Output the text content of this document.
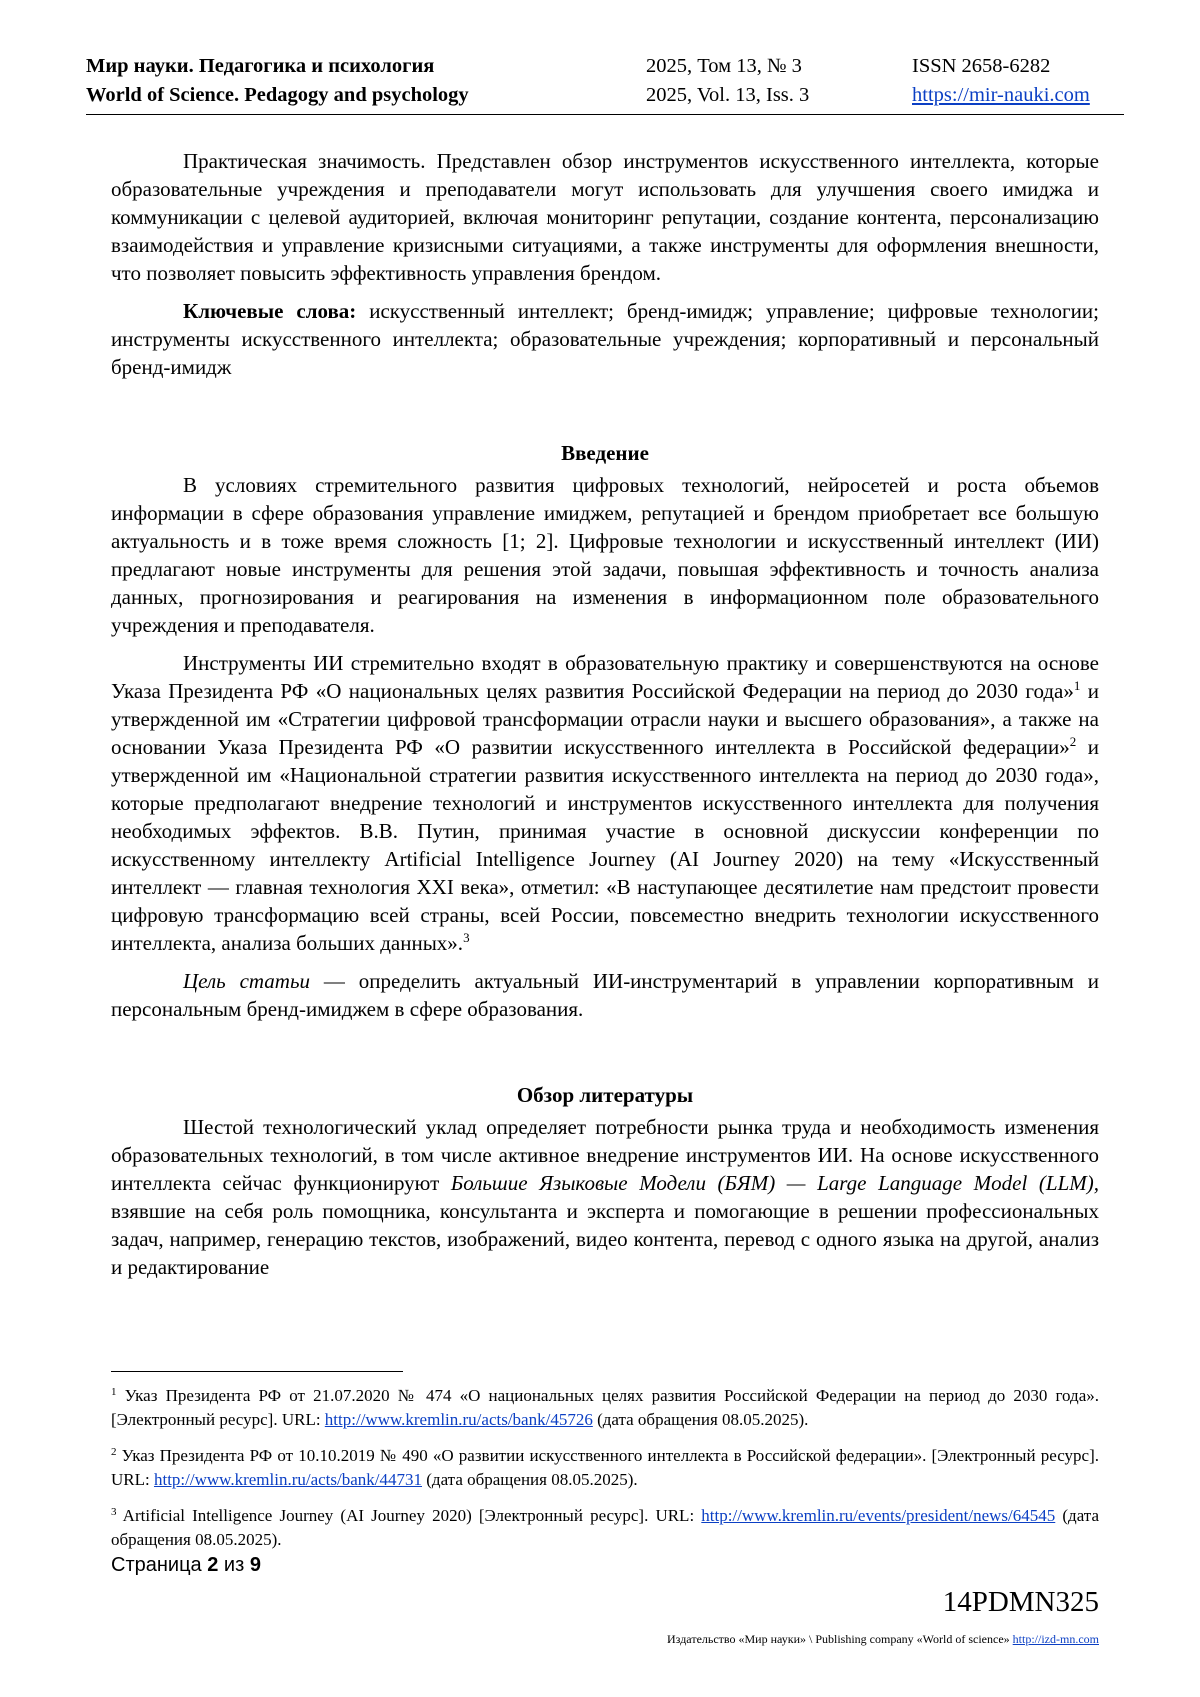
Мир науки. Педагогика и психология
World of Science. Pedagogy and psychology
2025, Том 13, № 3
2025, Vol. 13, Iss. 3
ISSN 2658-6282
https://mir-nauki.com

Практическая значимость. Представлен обзор инструментов искусственного интеллекта, которые образовательные учреждения и преподаватели могут использовать для улучшения своего имиджа и коммуникации с целевой аудиторией, включая мониторинг репутации, создание контента, персонализацию взаимодействия и управление кризисными ситуациями, а также инструменты для оформления внешности, что позволяет повысить эффективность управления брендом.

Ключевые слова: искусственный интеллект; бренд-имидж; управление; цифровые технологии; инструменты искусственного интеллекта; образовательные учреждения; корпоративный и персональный бренд-имидж

Введение

В условиях стремительного развития цифровых технологий, нейросетей и роста объемов информации в сфере образования управление имиджем, репутацией и брендом приобретает все большую актуальность и в тоже время сложность [1; 2]. Цифровые технологии и искусственный интеллект (ИИ) предлагают новые инструменты для решения этой задачи, повышая эффективность и точность анализа данных, прогнозирования и реагирования на изменения в информационном поле образовательного учреждения и преподавателя.

Инструменты ИИ стремительно входят в образовательную практику и совершенствуются на основе Указа Президента РФ «О национальных целях развития Российской Федерации на период до 2030 года»$^1$ и утвержденной им «Стратегии цифровой трансформации отрасли науки и высшего образования», а также на основании Указа Президента РФ «О развитии искусственного интеллекта в Российской федерации»$^2$ и утвержденной им «Национальной стратегии развития искусственного интеллекта на период до 2030 года», которые предполагают внедрение технологий и инструментов искусственного интеллекта для получения необходимых эффектов. В.В. Путин, принимая участие в основной дискуссии конференции по искусственному интеллекту Artificial Intelligence Journey (AI Journey 2020) на тему «Искусственный интеллект — главная технология XXI века», отметил: «В наступающее десятилетие нам предстоит провести цифровую трансформацию всей страны, всей России, повсеместно внедрить технологии искусственного интеллекта, анализа больших данных».$^3$

Цель статьи — определить актуальный ИИ-инструментарий в управлении корпоративным и персональным бренд-имиджем в сфере образования.

Обзор литературы

Шестой технологический уклад определяет потребности рынка труда и необходимость изменения образовательных технологий, в том числе активное внедрение инструментов ИИ. На основе искусственного интеллекта сейчас функционируют Большие Языковые Модели (БЯМ) — Large Language Model (LLM), взявшие на себя роль помощника, консультанта и эксперта и помогающие в решении профессиональных задач, например, генерацию текстов, изображений, видео контента, перевод с одного языка на другой, анализ и редактирование

$^1$ Указ Президента РФ от 21.07.2020 № 474 «О национальных целях развития Российской Федерации на период до 2030 года». [Электронный ресурс]. URL: http://www.kremlin.ru/acts/bank/45726 (дата обращения 08.05.2025).
$^2$ Указ Президента РФ от 10.10.2019 № 490 «О развитии искусственного интеллекта в Российской федерации». [Электронный ресурс]. URL: http://www.kremlin.ru/acts/bank/44731 (дата обращения 08.05.2025).
$^3$ Artificial Intelligence Journey (AI Journey 2020) [Электронный ресурс]. URL: http://www.kremlin.ru/events/president/news/64545 (дата обращения 08.05.2025).
Страница 2 из 9
14PDMN325
Издательство «Мир науки» \ Publishing company «World of science» http://izd-mn.com
